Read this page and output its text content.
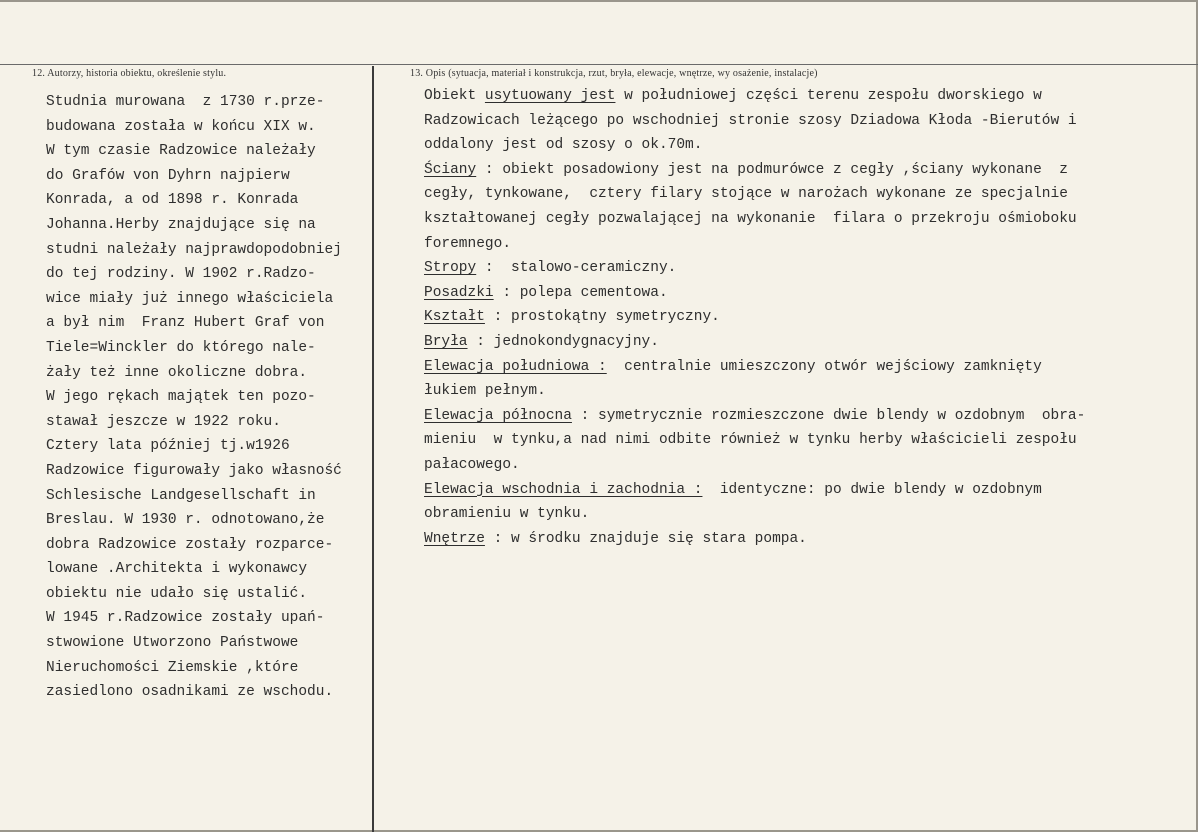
12. Autorzy, historia obiektu, określenie stylu.	13. Opis (sytuacja, materiał i konstrukcja, rzut, bryła, elewacje, wnętrze, wy osażenie, instalacje)
Studnia murowana  z 1730 r.prze-
budowana została w końcu XIX w.
W tym czasie Radzowice należały
do Grafów von Dyhrn najpierw
Konrada, a od 1898 r. Konrada
Johanna.Herby znajdujące się na
studni należały najprawdopodobniej
do tej rodziny. W 1902 r.Radzo-
wice miały już innego właściciela
a był nim  Franz Hubert Graf von
Tiele=Winckler do którego nale-
żały też inne okoliczne dobra.
W jego rękach majątek ten pozo-
stawał jeszcze w 1922 roku.
Cztery lata później tj.w1926
Radzowice figurowały jako własność
Schlesische Landgesellschaft in
Breslau. W 1930 r. odnotowano,że
dobra Radzowice zostały rozparce-
lowane .Architekta i wykonawcy
obiektu nie udało się ustalić.
W 1945 r.Radzowice zostały upań-
stwowione Utworzono Państwowe
Nieruchomości Ziemskie ,które
zasiedlono osadnikami ze wschodu.
Obiekt usytuowany jest w południowej części terenu zespołu dworskiego w
Radzowicach leżącego po wschodniej stronie szosy Dziadowa Kłoda -Bierutów i
oddalony jest od szosy o ok.70m.
Ściany : obiekt posadowiony jest na podmurówce z cegły ,ściany wykonane  z
cegły, tynkowane,  cztery filary stojące w narożach wykonane ze specjalnie
kształtowanej cegły pozwalającej na wykonanie  filara o przekroju ośmioboku
foremnego.
Stropy :  stalowo-ceramiczny.
Posadzki : polepa cementowa.
Kształt : prostokątny symetryczny.
Bryła : jednokondygnacyjny.
Elewacja południowa :  centralnie umieszczony otwór wejściowy zamknięty
łukiem pełnym.
Elewacja północna : symetrycznie rozmieszczone dwie blendy w ozdobnym  obra-
mieniu  w tynku,a nad nimi odbite również w tynku herby właścicieli zespołu
pałacowego.
Elewacja wschodnia i zachodnia :  identyczne: po dwie blendy w ozdobnym
obramieniu w tynku.
Wnętrze : w środku znajduje się stara pompa.
